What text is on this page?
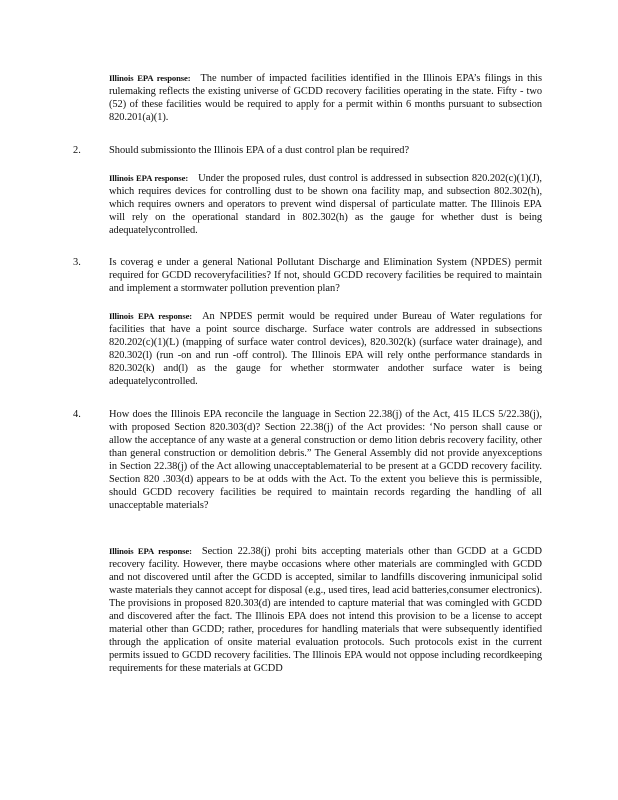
Illinois EPA response: The number of impacted facilities identified in the Illinois EPA’s filings in this rulemaking reflects the existing universe of GCDD recovery facilities operating in the state. Fifty - two (52) of these facilities would be required to apply for a permit within 6 months pursuant to subsection 820.201(a)(1).

2.	Should submissionto the Illinois EPA of a dust control plan be required?

Illinois EPA response: Under the proposed rules, dust control is addressed in subsection 820.202(c)(1)(J), which requires devices for controlling dust to be shown ona facility map, and subsection 802.302(h), which requires owners and operators to prevent wind dispersal of particulate matter. The Illinois EPA will rely on the operational standard in 802.302(h) as the gauge for whether dust is being adequatelycontrolled.

3.	Is coverag e under a general National Pollutant Discharge and Elimination System (NPDES) permit required for GCDD recoveryfacilities? If not, should GCDD recovery facilities be required to maintain and implement a stormwater pollution prevention plan?

Illinois EPA response: An NPDES permit would be required under Bureau of Water regulations for facilities that have a point source discharge. Surface water controls are addressed in subsections 820.202(c)(1)(L) (mapping of surface water control devices), 820.302(k) (surface water drainage), and 820.302(l) (run -on and run -off control). The Illinois EPA will rely onthe performance standards in 820.302(k) and(l) as the gauge for whether stormwater andother surface water is being adequatelycontrolled.

4.	How does the Illinois EPA reconcile the language in Section 22.38(j) of the Act, 415 ILCS 5/22.38(j), with proposed Section 820.303(d)? Section 22.38(j) of the Act provides: ‘No person shall cause or allow the acceptance of any waste at a general construction or demo lition debris recovery facility, other than general construction or demolition debris.” The General Assembly did not provide anyexceptions in Section 22.38(j) of the Act allowing unacceptablematerial to be present at a GCDD recovery facility. Section 820 .303(d) appears to be at odds with the Act. To the extent you believe this is permissible, should GCDD recovery facilities be required to maintain records regarding the handling of all unacceptable materials?

Illinois EPA response: Section 22.38(j) prohi bits accepting materials other than GCDD at a GCDD recovery facility. However, there maybe occasions where other materials are commingled with GCDD and not discovered until after the GCDD is accepted, similar to landfills discovering inmunicipal solid waste materials they cannot accept for disposal (e.g., used tires, lead acid batteries,consumer electronics). The provisions in proposed 820.303(d) are intended to capture material that was comingled with GCDD and discovered after the fact. The Illinois EPA does not intend this provision to be a license to accept material other than GCDD; rather, procedures for handling materials that were subsequently identified through the application of onsite material evaluation protocols. Such protocols exist in the current permits issued to GCDD recovery facilities. The Illinois EPA would not oppose including recordkeeping requirements for these materials at GCDD
